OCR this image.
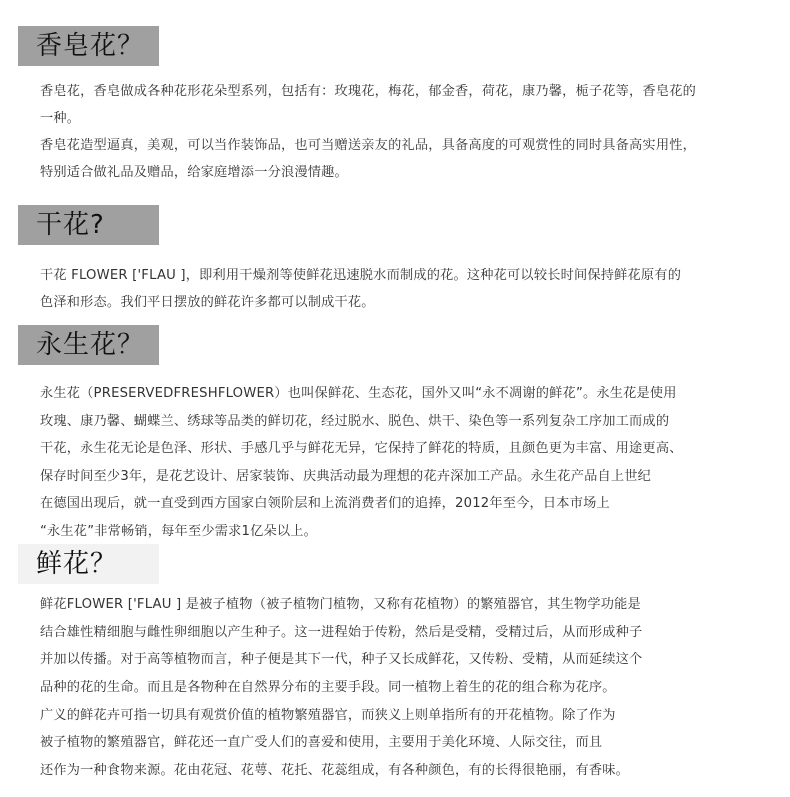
香皂花？
香皂花，香皂做成各种花形花朵型系列，包括有：玫瑰花，梅花，郁金香，荷花，康乃馨，栀子花等，香皂花的
一种。
香皂花造型逼真，美观，可以当作装饰品，也可当赠送亲友的礼品，具备高度的可观赏性的同时具备高实用性，
特别适合做礼品及赠品，给家庭增添一分浪漫情趣。
干花?
干花 FLOWER ['FLAU ]，即利用干燥剂等使鲜花迅速脱水而制成的花。这种花可以较长时间保持鲜花原有的
色泽和形态。我们平日摆放的鲜花许多都可以制成干花。
永生花？
永生花（PRESERVEDFRESHFLOWER）也叫保鲜花、生态花，国外又叫“永不凋谢的鲜花”。永生花是使用
玫瑰、康乃馨、蝴蝶兰、绣球等品类的鲜切花，经过脱水、脱色、烘干、染色等一系列复杂工序加工而成的
干花，永生花无论是色泽、形状、手感几乎与鲜花无异，它保持了鲜花的特质，且颜色更为丰富、用途更高、
保存时间至少3年，是花艺设计、居家装饰、庆典活动最为理想的花卉深加工产品。永生花产品自上世纪
在德国出现后，就一直受到西方国家白领阶层和上流消费者们的追捧，2012年至今，日本市场上
“永生花”非常畅销，每年至少需求1亿朵以上。
鲜花？
鲜花FLOWER ['FLAU ] 是被子植物（被子植物门植物，又称有花植物）的繁殖器官，其生物学功能是
结合雄性精细胞与雌性卵细胞以产生种子。这一进程始于传粉，然后是受精，受精过后，从而形成种子
并加以传播。对于高等植物而言，种子便是其下一代，种子又长成鲜花，又传粉、受精，从而延续这个
品种的花的生命。而且是各物种在自然界分布的主要手段。同一植物上着生的花的组合称为花序。
广义的鲜花卉可指一切具有观赏价值的植物繁殖器官，而狭义上则单指所有的开花植物。除了作为
被子植物的繁殖器官，鲜花还一直广受人们的喜爱和使用，主要用于美化环境、人际交往，而且
还作为一种食物来源。花由花冠、花萼、花托、花蕊组成，有各种颜色，有的长得很艳丽，有香味。
